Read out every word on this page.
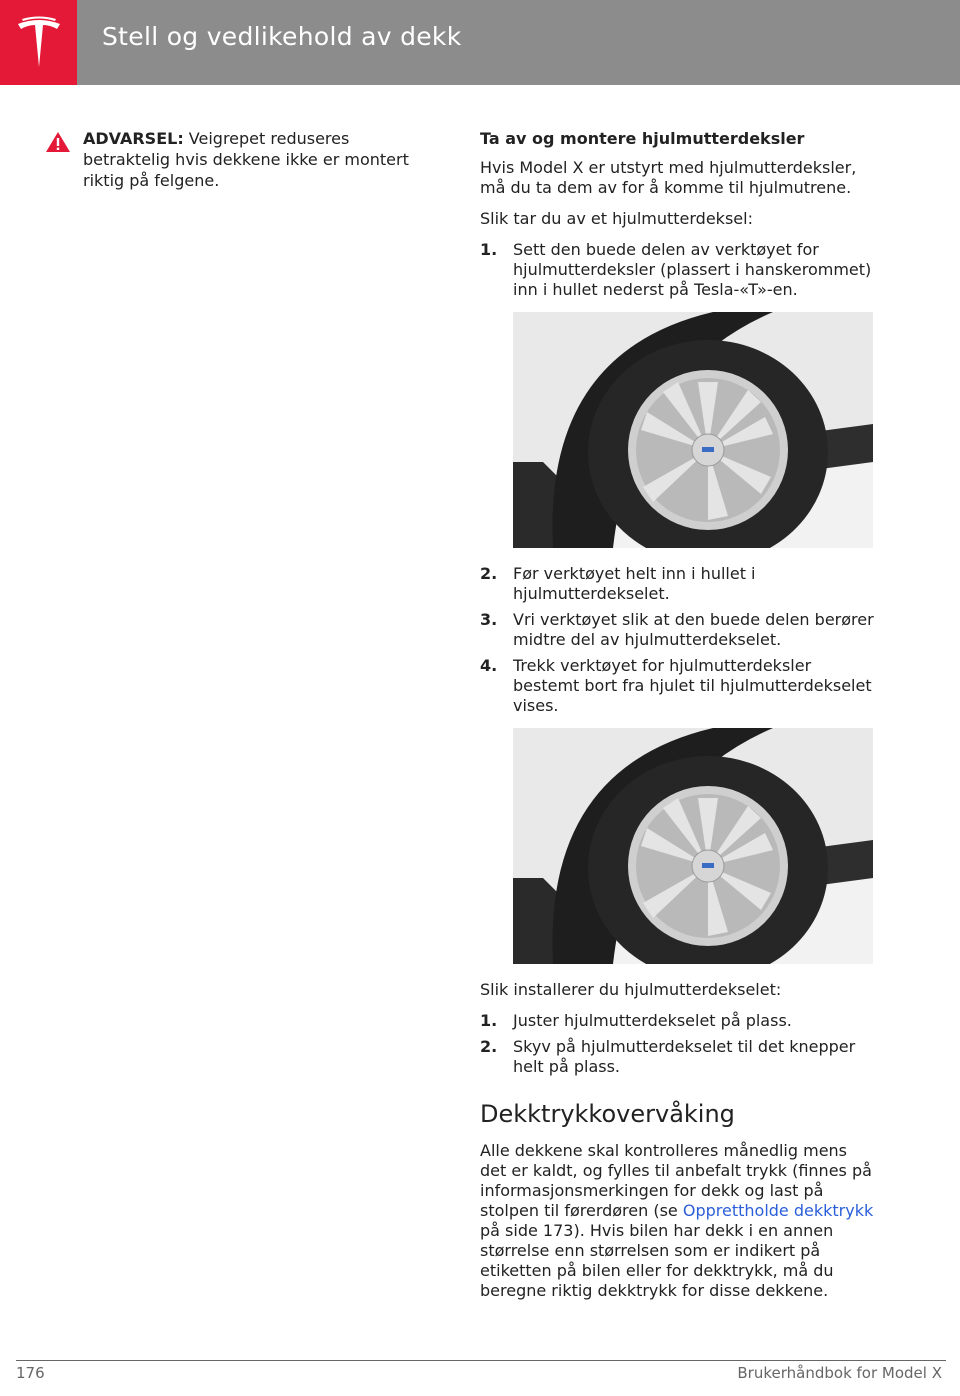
Stell og vedlikehold av dekk
ADVARSEL: Veigrepet reduseres betraktelig hvis dekkene ikke er montert riktig på felgene.
Ta av og montere hjulmutterdeksler

Hvis Model X er utstyrt med hjulmutterdeksler, må du ta dem av for å komme til hjulmutrene.

Slik tar du av et hjulmutterdeksel:

1. Sett den buede delen av verktøyet for hjulmutterdeksler (plassert i hanskerommet) inn i hullet nederst på Tesla-«T»-en.
2. Før verktøyet helt inn i hullet i hjulmutterdekselet.
3. Vri verktøyet slik at den buede delen berører midtre del av hjulmutterdekselet.
4. Trekk verktøyet for hjulmutterdeksler bestemt bort fra hjulet til hjulmutterdekselet vises.

Slik installerer du hjulmutterdekselet:

1. Juster hjulmutterdekselet på plass.
2. Skyv på hjulmutterdekselet til det knepper helt på plass.
Dekktrykkovervåking

Alle dekkene skal kontrolleres månedlig mens det er kaldt, og fylles til anbefalt trykk (finnes på informasjonsmerkingen for dekk og last på stolpen til førerdøren (se Opprettholde dekktrykk på side 173). Hvis bilen har dekk i en annen størrelse enn størrelsen som er indikert på etiketten på bilen eller for dekktrykk, må du beregne riktig dekktrykk for disse dekkene.

176	Brukerhåndbok for Model X
